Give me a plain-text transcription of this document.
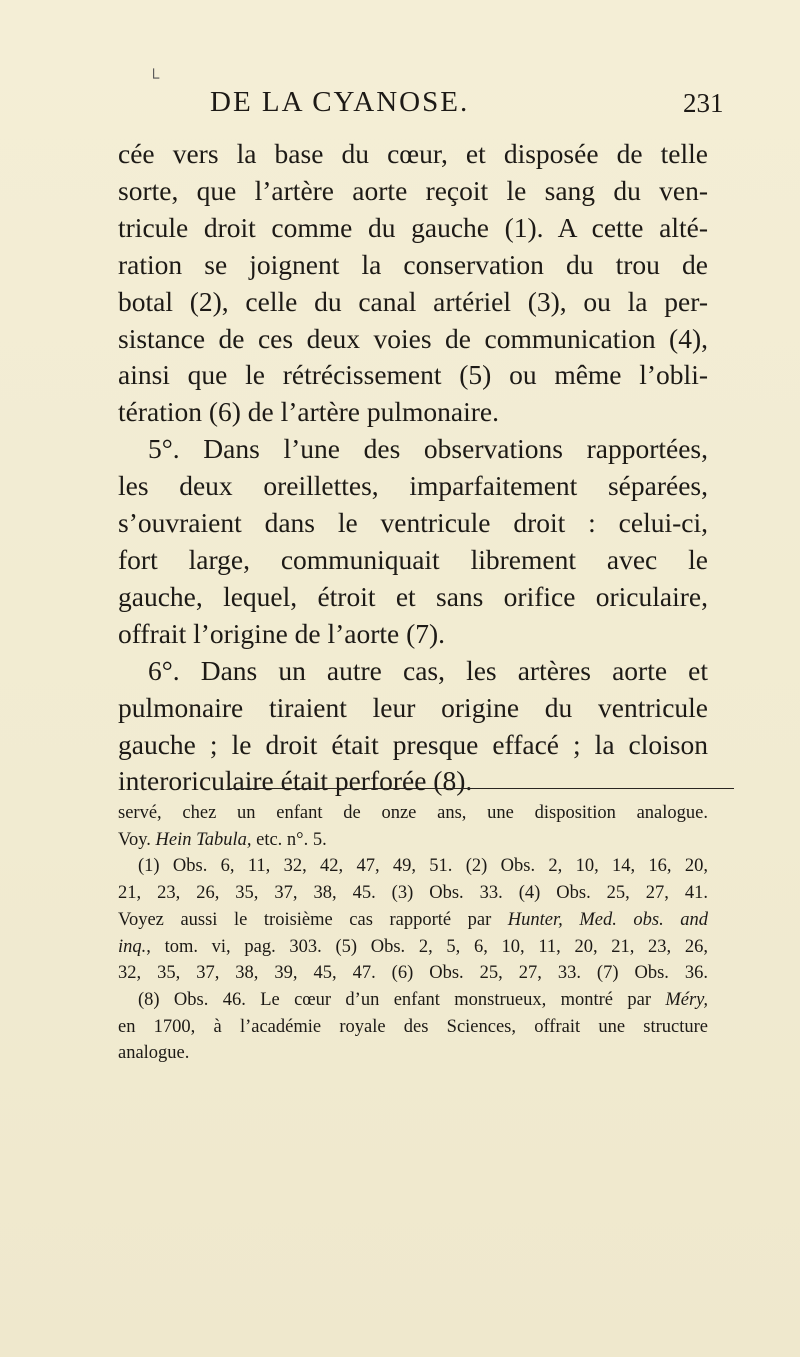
└
DE LA CYANOSE.	231
cée vers la base du cœur, et disposée de telle
sorte, que l’artère aorte reçoit le sang du ven-
tricule droit comme du gauche (1). A cette alté-
ration se joignent la conservation du trou de
botal (2), celle du canal artériel (3), ou la per-
sistance de ces deux voies de communication (4),
ainsi que le rétrécissement (5) ou même l’obli-
tération (6) de l’artère pulmonaire.
5°. Dans l’une des observations rapportées,
les deux oreillettes, imparfaitement séparées,
s’ouvraient dans le ventricule droit : celui-ci,
fort large, communiquait librement avec le
gauche, lequel, étroit et sans orifice oriculaire,
offrait l’origine de l’aorte (7).
6°. Dans un autre cas, les artères aorte et
pulmonaire tiraient leur origine du ventricule
gauche ; le droit était presque effacé ; la cloison
interoriculaire était perforée (8).
servé, chez un enfant de onze ans, une disposition analogue.
Voy. Hein Tabula, etc. n°. 5.
(1) Obs. 6, 11, 32, 42, 47, 49, 51. (2) Obs. 2, 10, 14, 16, 20,
21, 23, 26, 35, 37, 38, 45. (3) Obs. 33. (4) Obs. 25, 27, 41.
Voyez aussi le troisième cas rapporté par Hunter, Med. obs. and
inq., tom. vi, pag. 303. (5) Obs. 2, 5, 6, 10, 11, 20, 21, 23, 26,
32, 35, 37, 38, 39, 45, 47. (6) Obs. 25, 27, 33. (7) Obs. 36.
(8) Obs. 46. Le cœur d’un enfant monstrueux, montré par Méry,
en 1700, à l’académie royale des Sciences, offrait une structure
analogue.
